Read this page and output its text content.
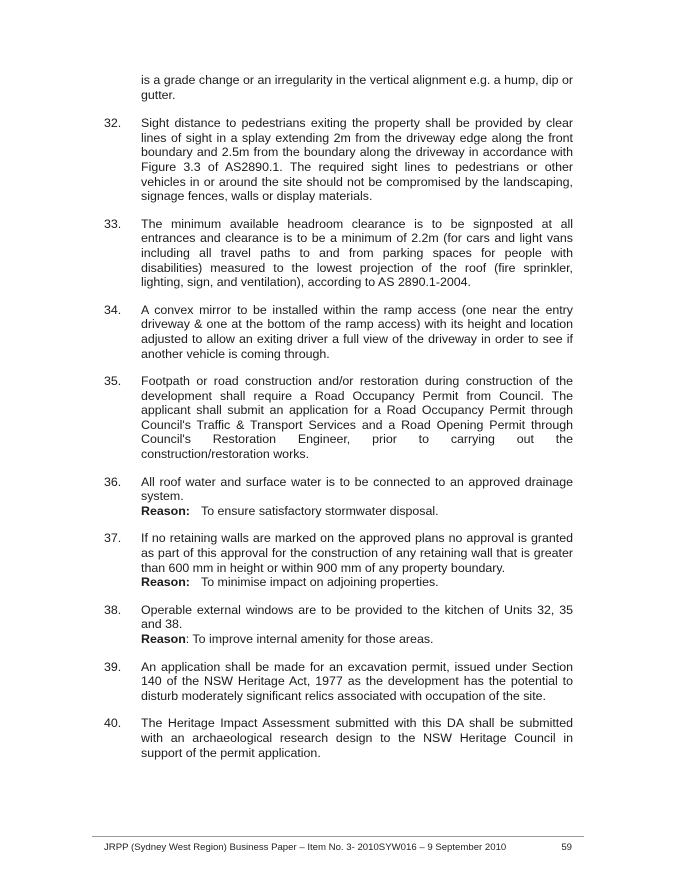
is a grade change or an irregularity in the vertical alignment e.g. a hump, dip or gutter.
32.	Sight distance to pedestrians exiting the property shall be provided by clear lines of sight in a splay extending 2m from the driveway edge along the front boundary and 2.5m from the boundary along the driveway in accordance with Figure 3.3 of AS2890.1. The required sight lines to pedestrians or other vehicles in or around the site should not be compromised by the landscaping, signage fences, walls or display materials.
33.	The minimum available headroom clearance is to be signposted at all entrances and clearance is to be a minimum of 2.2m (for cars and light vans including all travel paths to and from parking spaces for people with disabilities) measured to the lowest projection of the roof (fire sprinkler, lighting, sign, and ventilation), according to AS 2890.1-2004.
34.	A convex mirror to be installed within the ramp access (one near the entry driveway & one at the bottom of the ramp access) with its height and location adjusted to allow an exiting driver a full view of the driveway in order to see if another vehicle is coming through.
35.	Footpath or road construction and/or restoration during construction of the development shall require a Road Occupancy Permit from Council. The applicant shall submit an application for a Road Occupancy Permit through Council's Traffic & Transport Services and a Road Opening Permit through Council's Restoration Engineer, prior to carrying out the construction/restoration works.
36.	All roof water and surface water is to be connected to an approved drainage system.
Reason: To ensure satisfactory stormwater disposal.
37.	If no retaining walls are marked on the approved plans no approval is granted as part of this approval for the construction of any retaining wall that is greater than 600 mm in height or within 900 mm of any property boundary.
Reason: To minimise impact on adjoining properties.
38.	Operable external windows are to be provided to the kitchen of Units 32, 35 and 38.
Reason: To improve internal amenity for those areas.
39.	An application shall be made for an excavation permit, issued under Section 140 of the NSW Heritage Act, 1977 as the development has the potential to disturb moderately significant relics associated with occupation of the site.
40.	The Heritage Impact Assessment submitted with this DA shall be submitted with an archaeological research design to the NSW Heritage Council in support of the permit application.
JRPP (Sydney West Region) Business Paper – Item No. 3- 2010SYW016 – 9 September 2010	59
